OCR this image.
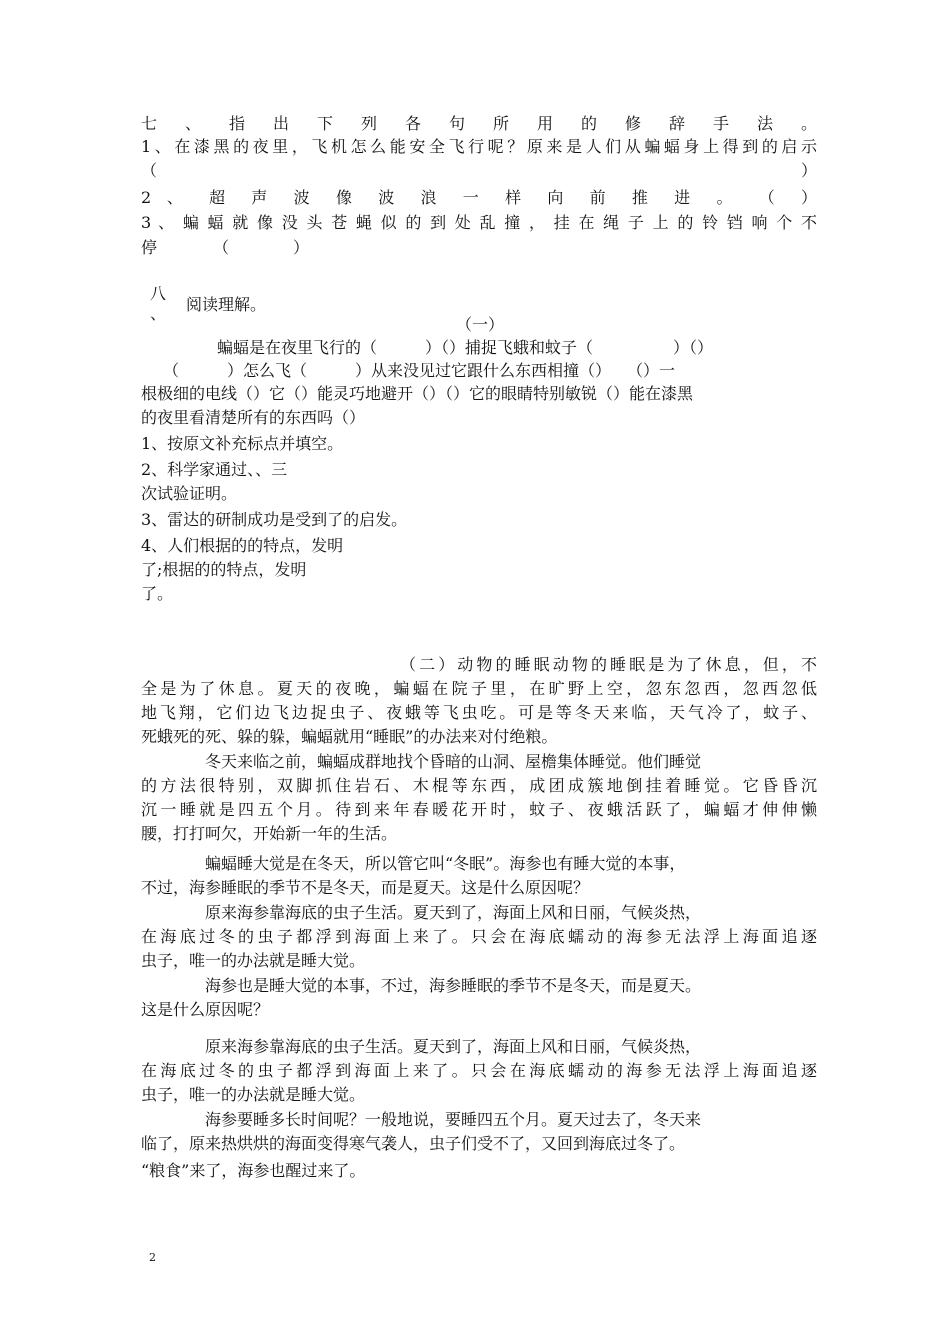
七 、 指 出 下 列 各 句 所 用 的 修 辞 手 法 。
1、在漆黑的夜里，飞机怎么能安全飞行呢？原来是人们从蝙蝠身上得到的启示
（	）
2 、 超 声 波 像 波 浪 一 样 向 前 推 进 。 （ ）
3 、 蝙 蝠 就 像 没 头 苍 蝇 似 的 到 处 乱 撞 ， 挂 在 绳 子 上 的 铃 铛 响 个 不
停　　　　（　　　　）
八
、	阅读理解。
（一）
蝙蝠是在夜里飞行的（　　　）（）捕捉飞蛾和蚊子（　　　　　）（）
（　　　）怎么飞（　　　）从来没见过它跟什么东西相撞（）　　（）一
根极细的电线（）它（）能灵巧地避开（）（）它的眼睛特别敏锐（）能在漆黑
的夜里看清楚所有的东西吗（）
1、按原文补充标点并填空。
2、科学家通过、、三
次试验证明。
3、雷达的研制成功是受到了的启发。
4、人们根据的的特点，发明
了;根据的的特点，发明
了。
（二）动物的睡眠动物的睡眠是为了休息，但，不
全是为了休息。夏天的夜晚，蝙蝠在院子里，在旷野上空，忽东忽西，忽西忽低
地飞翔，它们边飞边捉虫子、夜蛾等飞虫吃。可是等冬天来临，天气冷了，蚊子、
死蛾死的死、躲的躲，蝙蝠就用“睡眠”的办法来对付绝粮。
冬天来临之前，蝙蝠成群地找个昏暗的山洞、屋檐集体睡觉。他们睡觉
的方法很特别，双脚抓住岩石、木棍等东西，成团成簇地倒挂着睡觉。它昏昏沉
沉一睡就是四五个月。待到来年春暖花开时，蚊子、夜蛾活跃了，蝙蝠才伸伸懒
腰，打打呵欠，开始新一年的生活。
蝙蝠睡大觉是在冬天，所以管它叫“冬眠”。海参也有睡大觉的本事，
不过，海参睡眠的季节不是冬天，而是夏天。这是什么原因呢？
原来海参靠海底的虫子生活。夏天到了，海面上风和日丽，气候炎热，
在海底过冬的虫子都浮到海面上来了。只会在海底蠕动的海参无法浮上海面追逐
虫子，唯一的办法就是睡大觉。
海参也是睡大觉的本事，不过，海参睡眠的季节不是冬天，而是夏天。
这是什么原因呢？
原来海参靠海底的虫子生活。夏天到了，海面上风和日丽，气候炎热，
在海底过冬的虫子都浮到海面上来了。只会在海底蠕动的海参无法浮上海面追逐
虫子，唯一的办法就是睡大觉。
海参要睡多长时间呢？一般地说，要睡四五个月。夏天过去了，冬天来
临了，原来热烘烘的海面变得寒气袭人，虫子们受不了，又回到海底过冬了。
“粮食”来了，海参也醒过来了。
2
